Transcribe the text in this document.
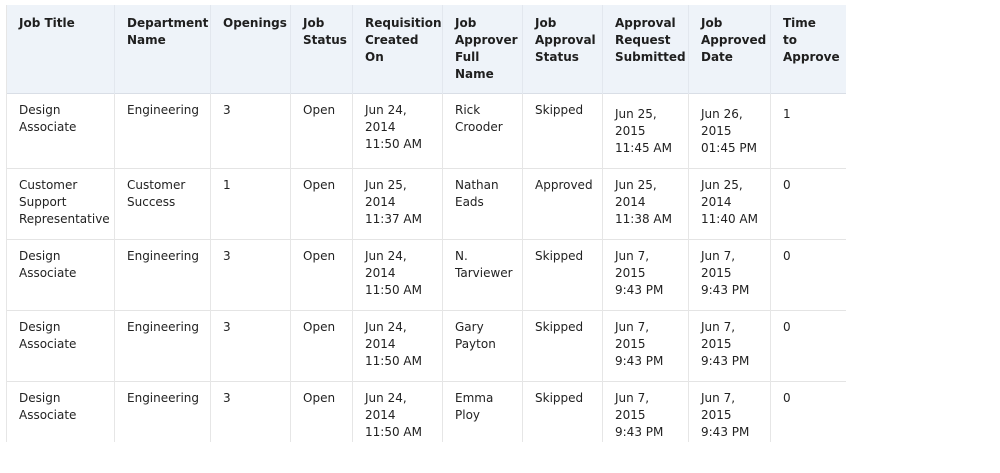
Job Title	Department Name	Openings	Job Status	Requisition Created On	Job Approver Full Name	Job Approval Status	Approval Request Submitted	Job Approved Date	Time to Approve
Design Associate	Engineering	3	Open	Jun 24, 2014 11:50 AM	Rick Crooder	Skipped	Jun 25, 2015 11:45 AM	Jun 26, 2015 01:45 PM	1
Customer Support Representative	Customer Success	1	Open	Jun 25, 2014 11:37 AM	Nathan Eads	Approved	Jun 25, 2014 11:38 AM	Jun 25, 2014 11:40 AM	0
Design Associate	Engineering	3	Open	Jun 24, 2014 11:50 AM	N. Tarviewer	Skipped	Jun 7, 2015 9:43 PM	Jun 7, 2015 9:43 PM	0
Design Associate	Engineering	3	Open	Jun 24, 2014 11:50 AM	Gary Payton	Skipped	Jun 7, 2015 9:43 PM	Jun 7, 2015 9:43 PM	0
Design Associate	Engineering	3	Open	Jun 24, 2014 11:50 AM	Emma Ploy	Skipped	Jun 7, 2015 9:43 PM	Jun 7, 2015 9:43 PM	0
